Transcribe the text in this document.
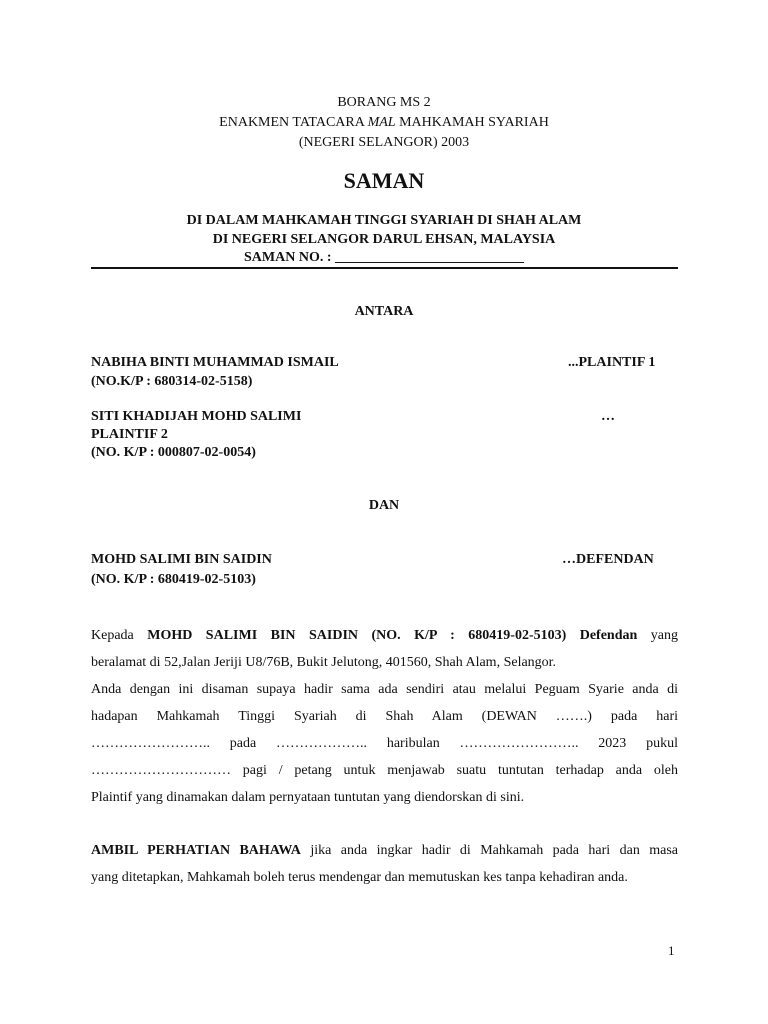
BORANG MS 2
ENAKMEN TATACARA MAL MAHKAMAH SYARIAH
(NEGERI SELANGOR) 2003
SAMAN
DI DALAM MAHKAMAH TINGGI SYARIAH DI SHAH ALAM
DI NEGERI SELANGOR DARUL EHSAN, MALAYSIA
SAMAN NO. : ___________________________
ANTARA
NABIHA BINTI MUHAMMAD ISMAIL	...PLAINTIF 1
(NO.K/P : 680314-02-5158)
SITI KHADIJAH MOHD SALIMI	…
PLAINTIF 2
(NO. K/P : 000807-02-0054)
DAN
MOHD SALIMI BIN SAIDIN	…DEFENDAN
(NO. K/P : 680419-02-5103)
Kepada MOHD SALIMI BIN SAIDIN (NO. K/P : 680419-02-5103) Defendan yang
beralamat di 52,Jalan Jeriji U8/76B, Bukit Jelutong, 401560, Shah Alam, Selangor.
Anda dengan ini disaman supaya hadir sama ada sendiri atau melalui Peguam Syarie anda di
hadapan Mahkamah Tinggi Syariah di Shah Alam (DEWAN …….) pada hari
…………………….. pada ……………….. haribulan …………………….. 2023 pukul
………………………… pagi / petang untuk menjawab suatu tuntutan terhadap anda oleh
Plaintif yang dinamakan dalam pernyataan tuntutan yang diendorskan di sini.
AMBIL PERHATIAN BAHAWA jika anda ingkar hadir di Mahkamah pada hari dan masa
yang ditetapkan, Mahkamah boleh terus mendengar dan memutuskan kes tanpa kehadiran anda.
1
